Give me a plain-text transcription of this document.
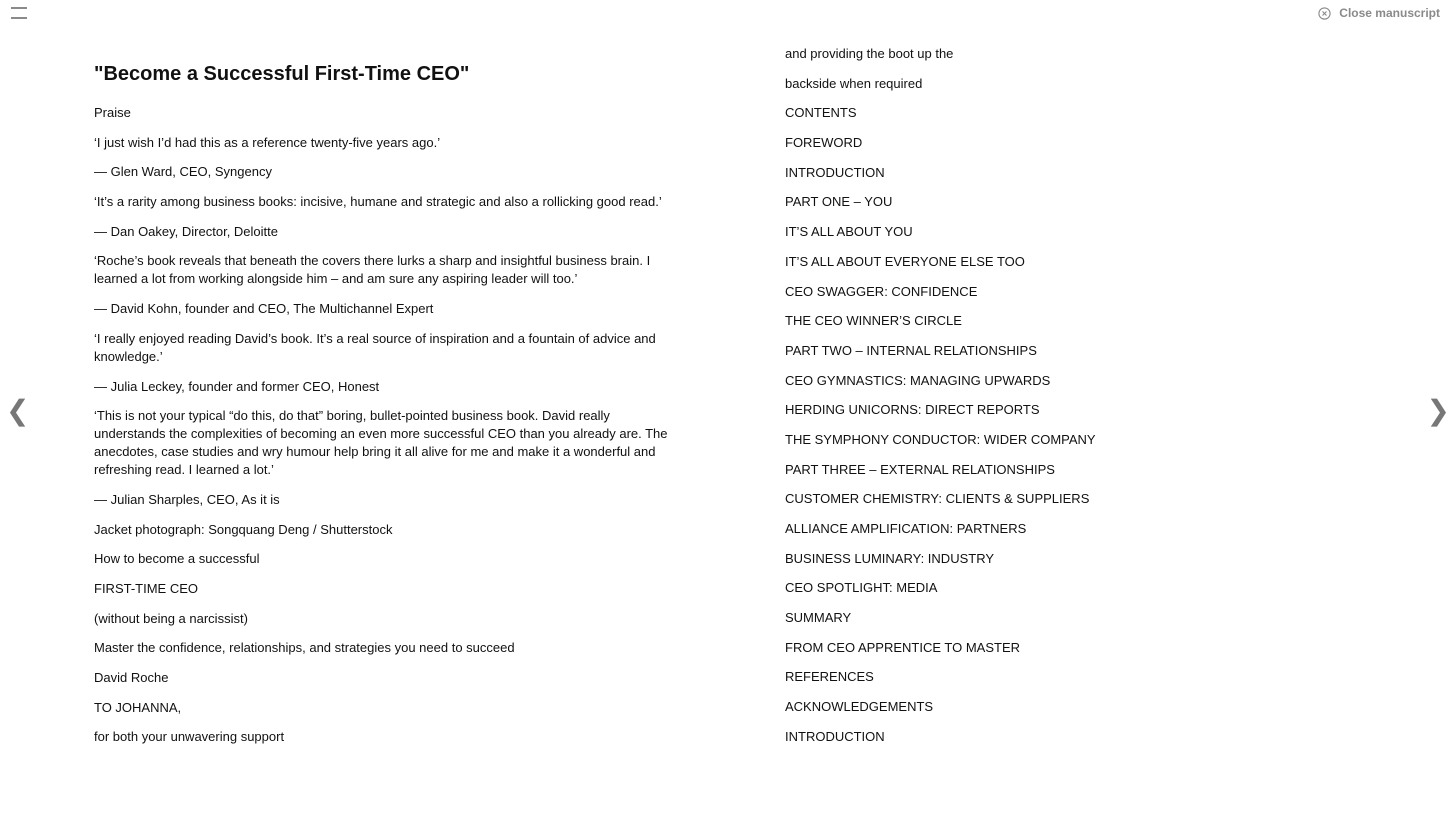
Close manuscript
❮	❯
"Become a Successful First-Time CEO"

Praise

‘I just wish I’d had this as a reference twenty-five years ago.’

— Glen Ward, CEO, Syngency

‘It’s a rarity among business books: incisive, humane and strategic and also a rollicking good read.’

— Dan Oakey, Director, Deloitte

‘Roche’s book reveals that beneath the covers there lurks a sharp and insightful business brain. I learned a lot from working alongside him – and am sure any aspiring leader will too.’

— David Kohn, founder and CEO, The Multichannel Expert

‘I really enjoyed reading David’s book. It’s a real source of inspiration and a fountain of advice and knowledge.’

— Julia Leckey, founder and former CEO, Honest

‘This is not your typical “do this, do that” boring, bullet-pointed business book. David really understands the complexities of becoming an even more successful CEO than you already are. The anecdotes, case studies and wry humour help bring it all alive for me and make it a wonderful and refreshing read. I learned a lot.’

— Julian Sharples, CEO, As it is

Jacket photograph: Songquang Deng / Shutterstock

How to become a successful

FIRST-TIME CEO

(without being a narcissist)

Master the confidence, relationships, and strategies you need to succeed

David Roche

TO JOHANNA,

for both your unwavering support

and providing the boot up the

backside when required

CONTENTS

FOREWORD

INTRODUCTION

PART ONE – YOU

IT’S ALL ABOUT YOU

IT’S ALL ABOUT EVERYONE ELSE TOO

CEO SWAGGER: CONFIDENCE

THE CEO WINNER’S CIRCLE

PART TWO – INTERNAL RELATIONSHIPS

CEO GYMNASTICS: MANAGING UPWARDS

HERDING UNICORNS: DIRECT REPORTS

THE SYMPHONY CONDUCTOR: WIDER COMPANY

PART THREE – EXTERNAL RELATIONSHIPS

CUSTOMER CHEMISTRY: CLIENTS & SUPPLIERS

ALLIANCE AMPLIFICATION: PARTNERS

BUSINESS LUMINARY: INDUSTRY

CEO SPOTLIGHT: MEDIA

SUMMARY

FROM CEO APPRENTICE TO MASTER

REFERENCES

ACKNOWLEDGEMENTS

INTRODUCTION
